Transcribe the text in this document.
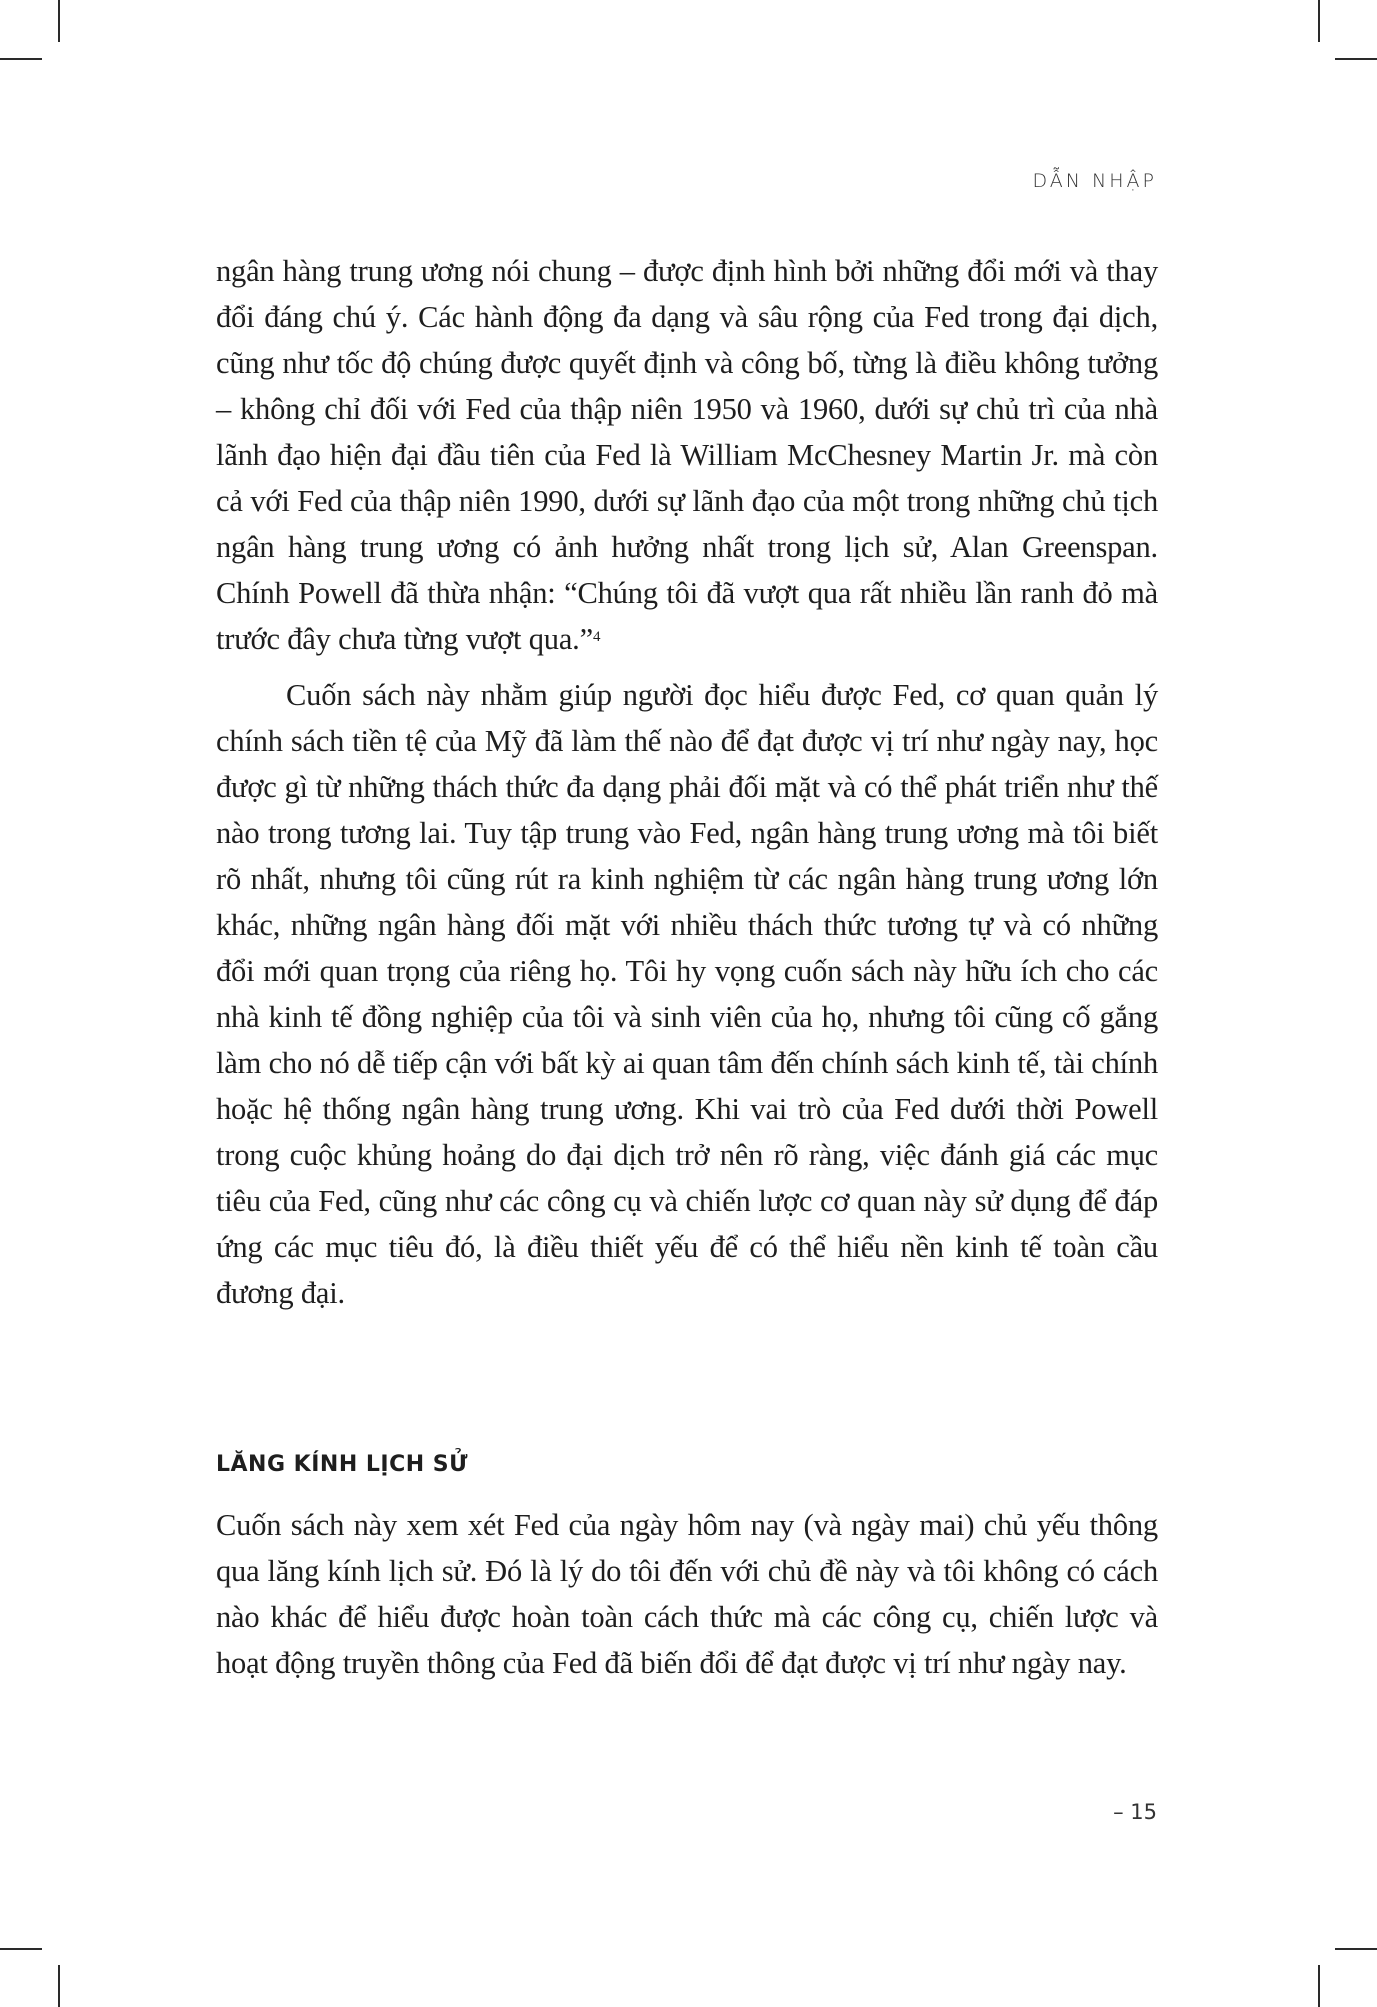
DẪN NHẬP

ngân hàng trung ương nói chung – được định hình bởi những đổi mới và thay đổi đáng chú ý. Các hành động đa dạng và sâu rộng của Fed trong đại dịch, cũng như tốc độ chúng được quyết định và công bố, từng là điều không tưởng – không chỉ đối với Fed của thập niên 1950 và 1960, dưới sự chủ trì của nhà lãnh đạo hiện đại đầu tiên của Fed là William McChesney Martin Jr. mà còn cả với Fed của thập niên 1990, dưới sự lãnh đạo của một trong những chủ tịch ngân hàng trung ương có ảnh hưởng nhất trong lịch sử, Alan Greenspan. Chính Powell đã thừa nhận: “Chúng tôi đã vượt qua rất nhiều lần ranh đỏ mà trước đây chưa từng vượt qua.”$^4$

Cuốn sách này nhằm giúp người đọc hiểu được Fed, cơ quan quản lý chính sách tiền tệ của Mỹ đã làm thế nào để đạt được vị trí như ngày nay, học được gì từ những thách thức đa dạng phải đối mặt và có thể phát triển như thế nào trong tương lai. Tuy tập trung vào Fed, ngân hàng trung ương mà tôi biết rõ nhất, nhưng tôi cũng rút ra kinh nghiệm từ các ngân hàng trung ương lớn khác, những ngân hàng đối mặt với nhiều thách thức tương tự và có những đổi mới quan trọng của riêng họ. Tôi hy vọng cuốn sách này hữu ích cho các nhà kinh tế đồng nghiệp của tôi và sinh viên của họ, nhưng tôi cũng cố gắng làm cho nó dễ tiếp cận với bất kỳ ai quan tâm đến chính sách kinh tế, tài chính hoặc hệ thống ngân hàng trung ương. Khi vai trò của Fed dưới thời Powell trong cuộc khủng hoảng do đại dịch trở nên rõ ràng, việc đánh giá các mục tiêu của Fed, cũng như các công cụ và chiến lược cơ quan này sử dụng để đáp ứng các mục tiêu đó, là điều thiết yếu để có thể hiểu nền kinh tế toàn cầu đương đại.

LĂNG KÍNH LỊCH SỬ

Cuốn sách này xem xét Fed của ngày hôm nay (và ngày mai) chủ yếu thông qua lăng kính lịch sử. Đó là lý do tôi đến với chủ đề này và tôi không có cách nào khác để hiểu được hoàn toàn cách thức mà các công cụ, chiến lược và hoạt động truyền thông của Fed đã biến đổi để đạt được vị trí như ngày nay.

– 15
